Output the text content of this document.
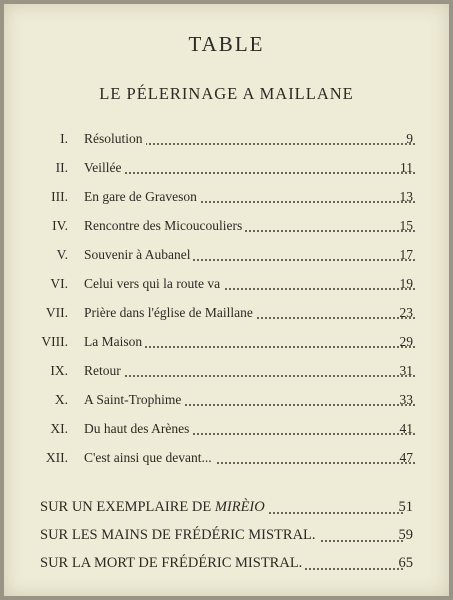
TABLE
LE PÉLERINAGE A MAILLANE
I. Résolution	9
II. Veillée	11
III. En gare de Graveson	13
IV. Rencontre des Micoucouliers	15
V. Souvenir à Aubanel	17
VI. Celui vers qui la route va	19
VII. Prière dans l'église de Maillane	23
VIII. La Maison	29
IX. Retour	31
X. A Saint-Trophime	33
XI. Du haut des Arènes	41
XII. C'est ainsi que devant...	47
SUR UN EXEMPLAIRE DE MIRÈIO	51
SUR LES MAINS DE FRÉDÉRIC MISTRAL.	59
SUR LA MORT DE FRÉDÉRIC MISTRAL.	65
